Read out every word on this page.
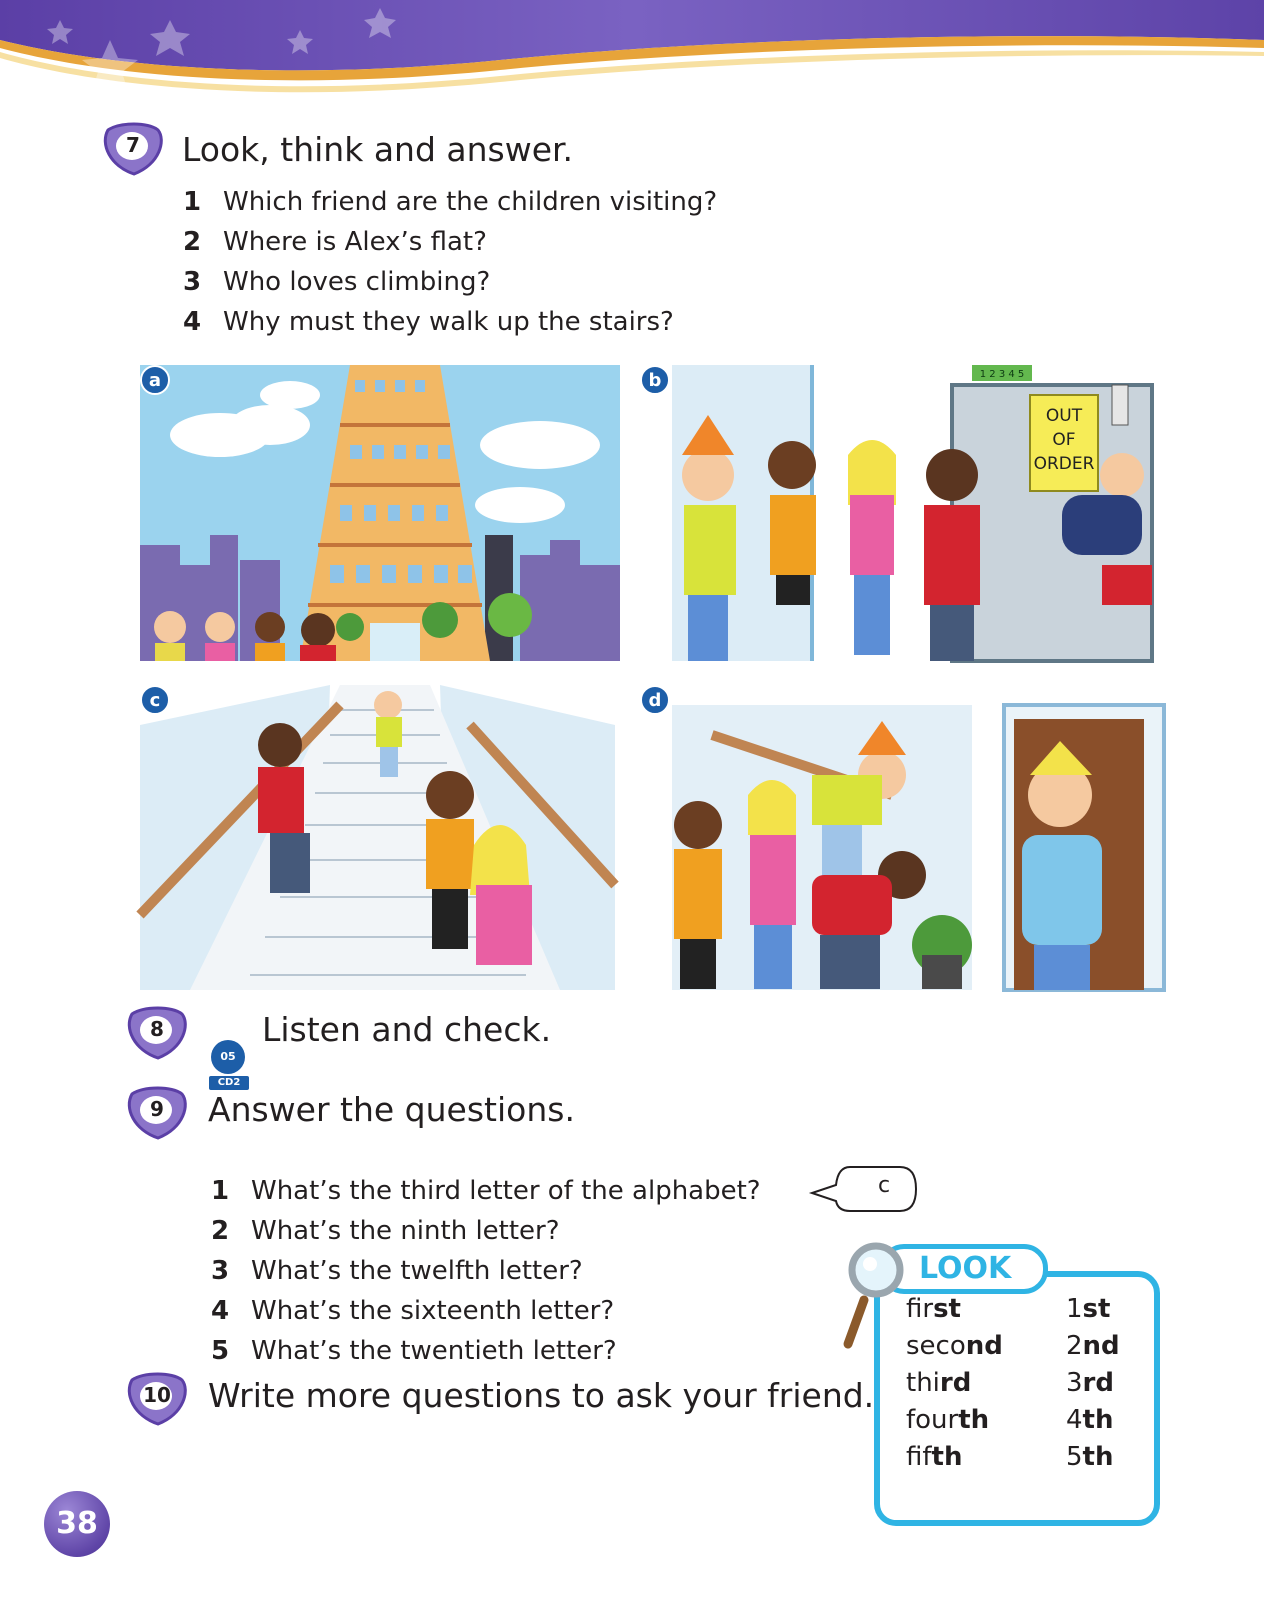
7	Look, think and answer.
1 Which friend are the children visiting?
2 Where is Alex’s flat?
3 Who loves climbing?
4 Why must they walk up the stairs?
a	1 2 3 4 5
OUT
OF
ORDER
b
c	d
8
05
CD2
Listen and check.
9	Answer the questions.
1 What’s the third letter of the alphabet?
2 What’s the ninth letter?
3 What’s the twelfth letter?
4 What’s the sixteenth letter?
5 What’s the twentieth letter?
c
10	Write more questions to ask your friend.
LOOK
first	1st
second 2nd
third	3rd
fourth	4th
fifth	5th
38
